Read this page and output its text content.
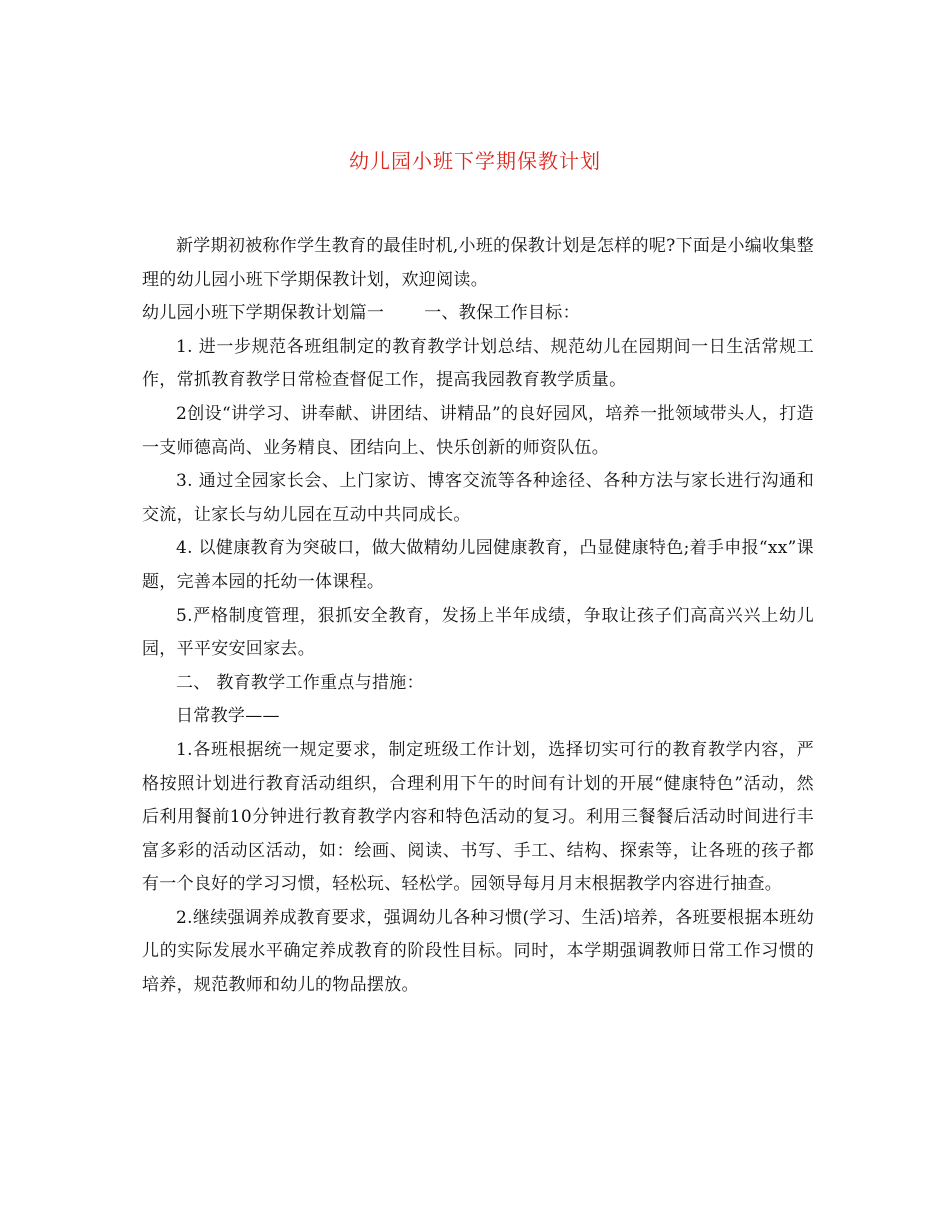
幼儿园小班下学期保教计划

新学期初被称作学生教育的最佳时机,小班的保教计划是怎样的呢?下面是小编收集整理的幼儿园小班下学期保教计划，欢迎阅读。

幼儿园小班下学期保教计划篇一 一、教保工作目标：

1. 进一步规范各班组制定的教育教学计划总结、规范幼儿在园期间一日生活常规工作，常抓教育教学日常检查督促工作，提高我园教育教学质量。

2创设“讲学习、讲奉献、讲团结、讲精品”的良好园风，培养一批领域带头人，打造一支师德高尚、业务精良、团结向上、快乐创新的师资队伍。

3. 通过全园家长会、上门家访、博客交流等各种途径、各种方法与家长进行沟通和交流，让家长与幼儿园在互动中共同成长。

4. 以健康教育为突破口，做大做精幼儿园健康教育，凸显健康特色;着手申报“xx”课题，完善本园的托幼一体课程。

5.严格制度管理，狠抓安全教育，发扬上半年成绩，争取让孩子们高高兴兴上幼儿园，平平安安回家去。

二、 教育教学工作重点与措施：

日常教学——

1.各班根据统一规定要求，制定班级工作计划，选择切实可行的教育教学内容，严格按照计划进行教育活动组织，合理利用下午的时间有计划的开展“健康特色”活动，然后利用餐前10分钟进行教育教学内容和特色活动的复习。利用三餐餐后活动时间进行丰富多彩的活动区活动，如：绘画、阅读、书写、手工、结构、探索等，让各班的孩子都有一个良好的学习习惯，轻松玩、轻松学。园领导每月月末根据教学内容进行抽查。

2.继续强调养成教育要求，强调幼儿各种习惯(学习、生活)培养，各班要根据本班幼儿的实际发展水平确定养成教育的阶段性目标。同时，本学期强调教师日常工作习惯的培养，规范教师和幼儿的物品摆放。
